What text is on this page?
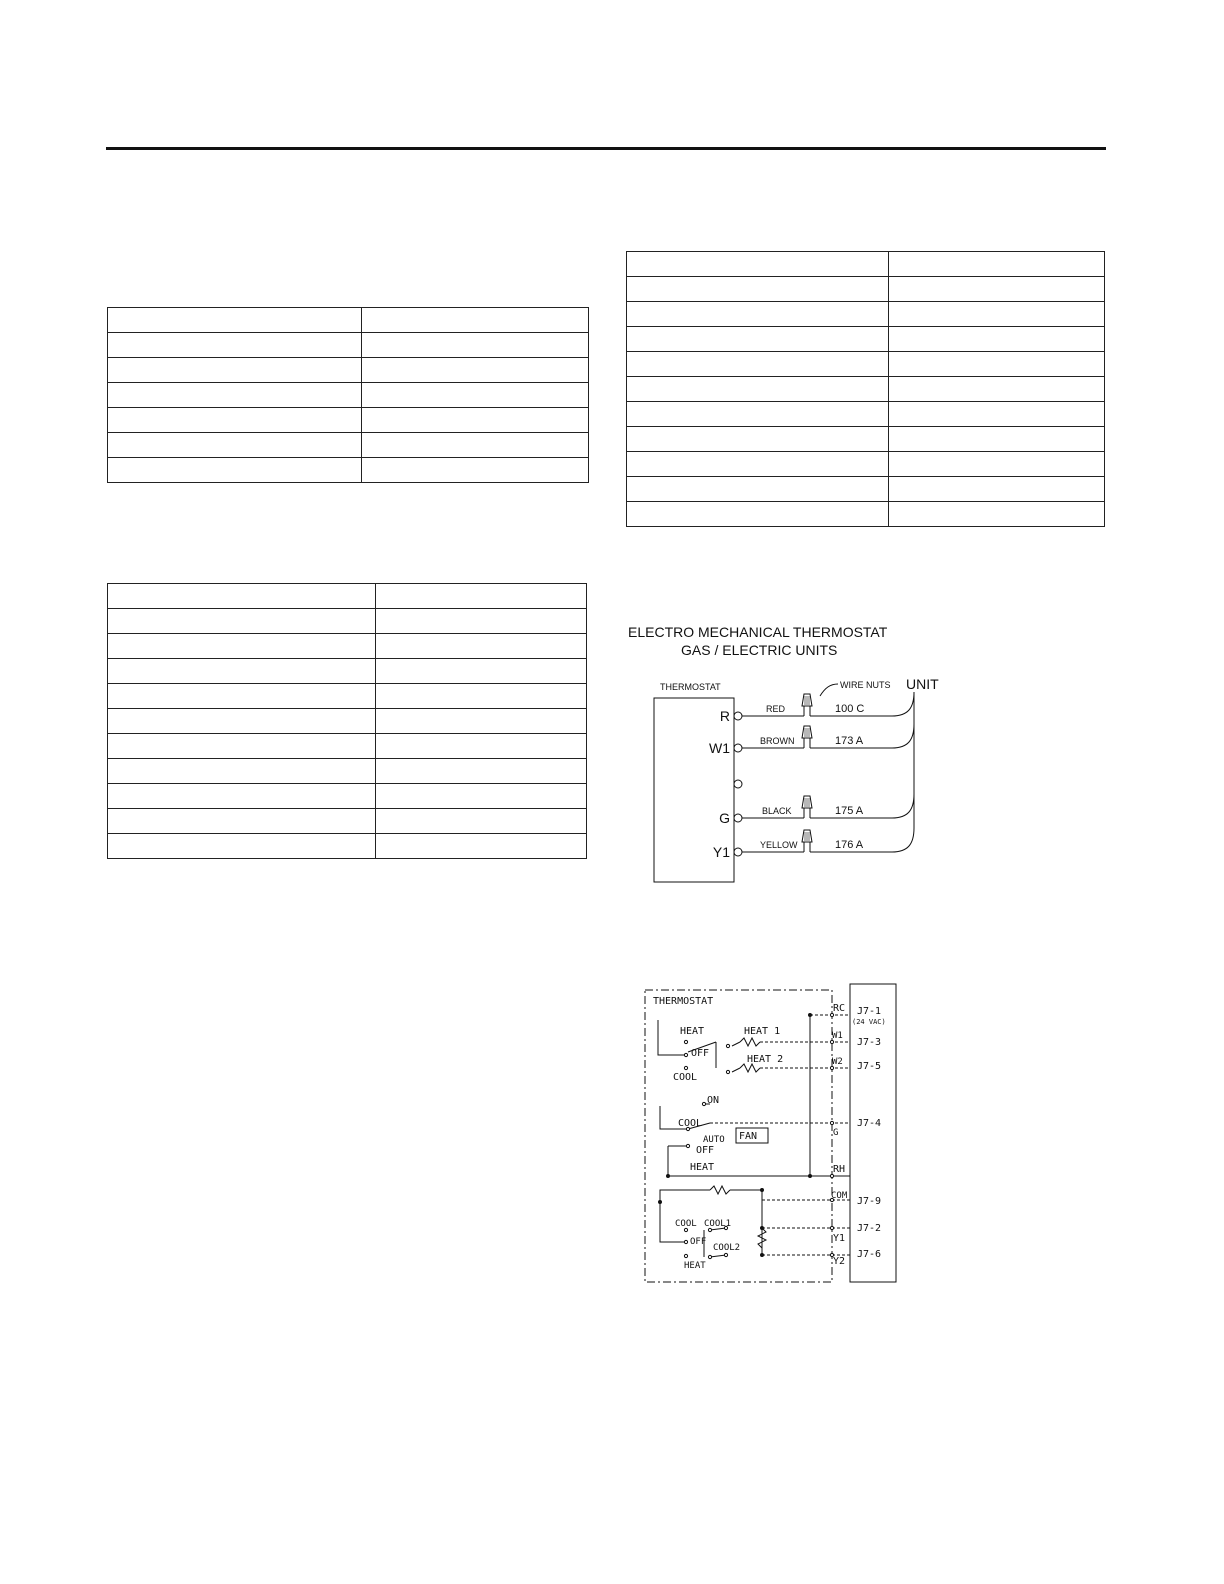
ELECTRO MECHANICAL THERMOSTAT
GAS / ELECTRIC UNITS
THERMOSTAT	WIRE NUTS UNIT
R	RED	100 C
W1	BROWN	173 A
G	BLACK	175 A
Y1	YELLOW	176 A
THERMOSTAT
HEAT
OFF
COOL
HEAT 1
HEAT 2
ON
COOL
AUTO
OFF
HEAT
FAN
COOL COOL1
OFF
COOL2
HEAT
RC
W1
W2
G
RH
COM
Y1
Y2
J7-1
(24 VAC)
J7-3
J7-5
J7-4
J7-9
J7-2
J7-6
